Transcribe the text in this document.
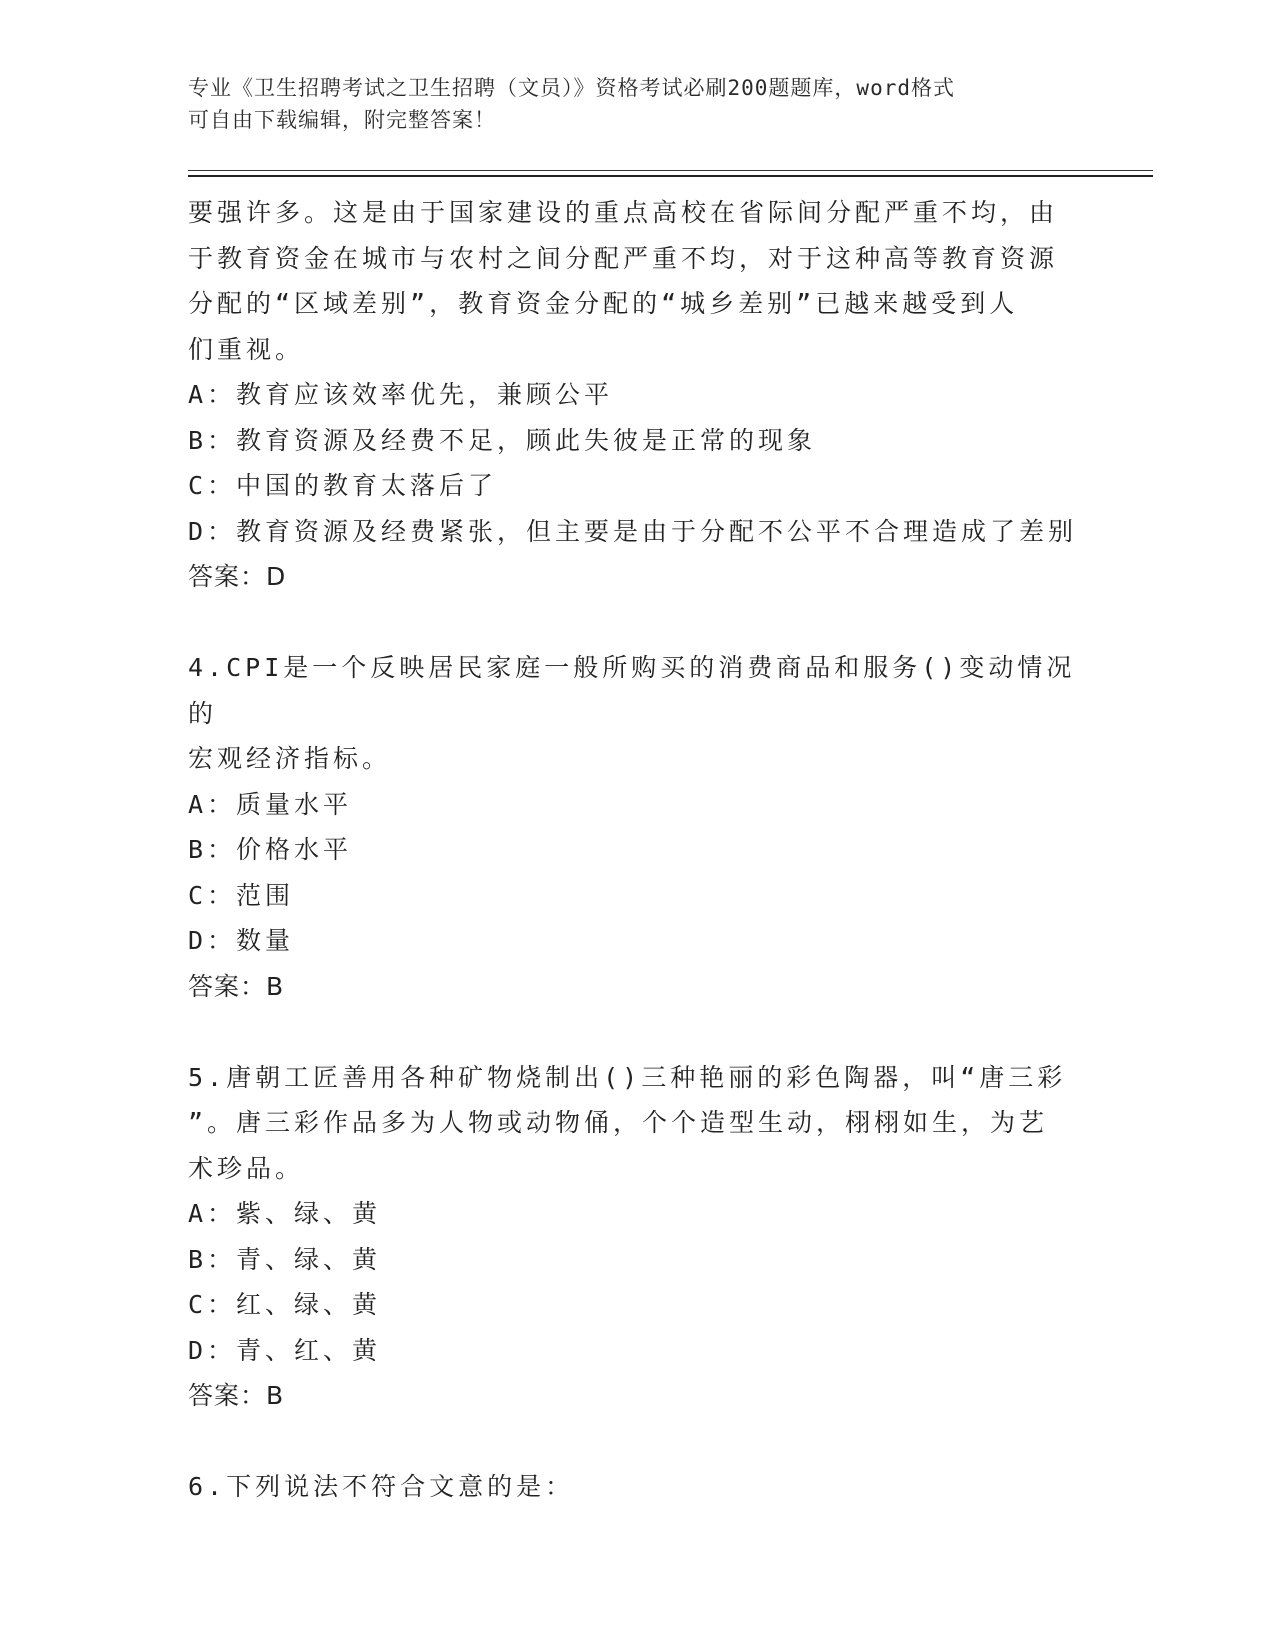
专业《卫生招聘考试之卫生招聘（文员）》资格考试必刷200题题库，word格式
可自由下载编辑，附完整答案！

要强许多。这是由于国家建设的重点高校在省际间分配严重不均，由

于教育资金在城市与农村之间分配严重不均，对于这种高等教育资源

分配的“区域差别”，教育资金分配的“城乡差别”已越来越受到人

们重视。

A：教育应该效率优先，兼顾公平

B：教育资源及经费不足，顾此失彼是正常的现象

C：中国的教育太落后了

D：教育资源及经费紧张，但主要是由于分配不公平不合理造成了差别

答案：D

4.CPI是一个反映居民家庭一般所购买的消费商品和服务()变动情况的

宏观经济指标。

A：质量水平

B：价格水平

C：范围

D：数量

答案：B

5.唐朝工匠善用各种矿物烧制出()三种艳丽的彩色陶器，叫“唐三彩

”。唐三彩作品多为人物或动物俑，个个造型生动，栩栩如生，为艺

术珍品。

A：紫、绿、黄

B：青、绿、黄

C：红、绿、黄

D：青、红、黄

答案：B

6.下列说法不符合文意的是：
